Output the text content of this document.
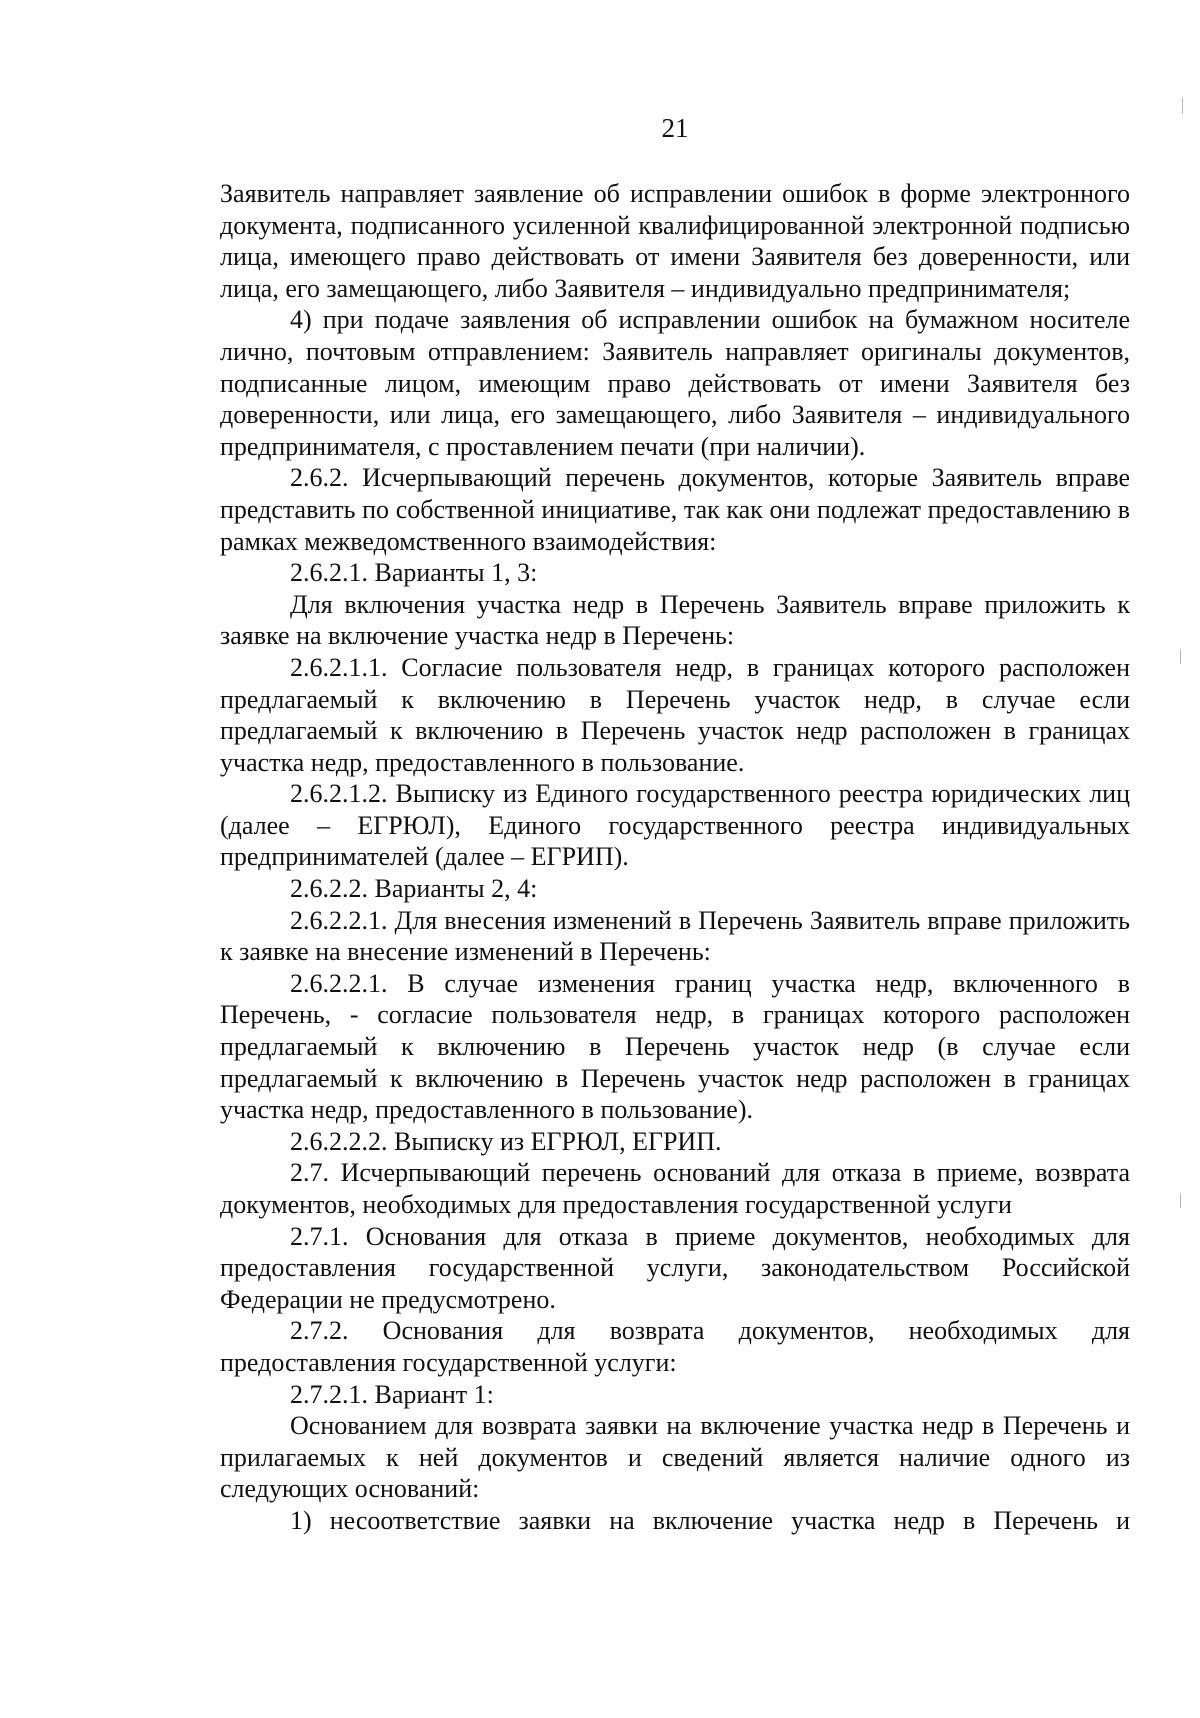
21

Заявитель направляет заявление об исправлении ошибок в форме электронного документа, подписанного усиленной квалифицированной электронной подписью лица, имеющего право действовать от имени Заявителя без доверенности, или лица, его замещающего, либо Заявителя – индивидуально предпринимателя;

4) при подаче заявления об исправлении ошибок на бумажном носителе лично, почтовым отправлением: Заявитель направляет оригиналы документов, подписанные лицом, имеющим право действовать от имени Заявителя без доверенности, или лица, его замещающего, либо Заявителя – индивидуального предпринимателя, с проставлением печати (при наличии).

2.6.2. Исчерпывающий перечень документов, которые Заявитель вправе представить по собственной инициативе, так как они подлежат предоставлению в рамках межведомственного взаимодействия:

2.6.2.1. Варианты 1, 3:

Для включения участка недр в Перечень Заявитель вправе приложить к заявке на включение участка недр в Перечень:

2.6.2.1.1. Согласие пользователя недр, в границах которого расположен предлагаемый к включению в Перечень участок недр, в случае если предлагаемый к включению в Перечень участок недр расположен в границах участка недр, предоставленного в пользование.

2.6.2.1.2. Выписку из Единого государственного реестра юридических лиц (далее – ЕГРЮЛ), Единого государственного реестра индивидуальных предпринимателей (далее – ЕГРИП).

2.6.2.2. Варианты 2, 4:

2.6.2.2.1. Для внесения изменений в Перечень Заявитель вправе приложить к заявке на внесение изменений в Перечень:

2.6.2.2.1. В случае изменения границ участка недр, включенного в Перечень, - согласие пользователя недр, в границах которого расположен предлагаемый к включению в Перечень участок недр (в случае если предлагаемый к включению в Перечень участок недр расположен в границах участка недр, предоставленного в пользование).

2.6.2.2.2. Выписку из ЕГРЮЛ, ЕГРИП.

2.7. Исчерпывающий перечень оснований для отказа в приеме, возврата документов, необходимых для предоставления государственной услуги

2.7.1. Основания для отказа в приеме документов, необходимых для предоставления государственной услуги, законодательством Российской Федерации не предусмотрено.

2.7.2. Основания для возврата документов, необходимых для предоставления государственной услуги:

2.7.2.1. Вариант 1:

Основанием для возврата заявки на включение участка недр в Перечень и прилагаемых к ней документов и сведений является наличие одного из следующих оснований:

1) несоответствие заявки на включение участка недр в Перечень и
